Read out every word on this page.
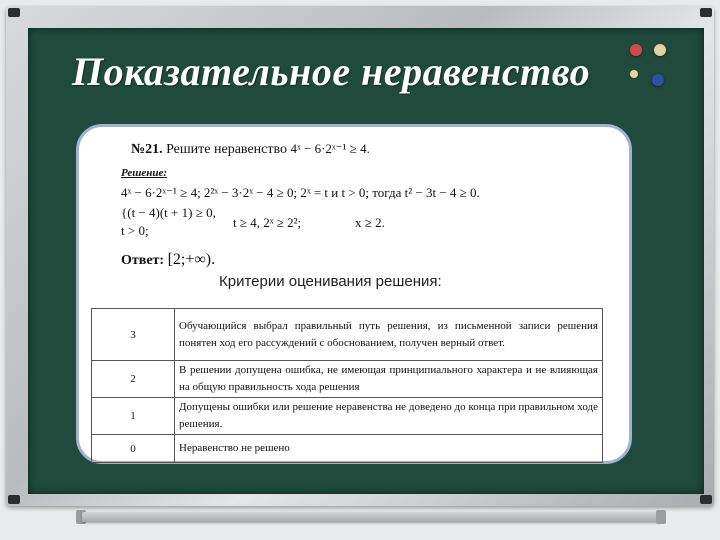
Показательное неравенство
№21. Решите неравенство 4ˣ − 6·2ˣ⁻¹ ≥ 4.
Решение:
4ˣ − 6·2ˣ⁻¹ ≥ 4; 2²ˣ − 3·2ˣ − 4 ≥ 0; 2ˣ = t и t > 0; тогда t² − 3t − 4 ≥ 0.
{(t − 4)(t + 1) ≥ 0,
t > 0;
t ≥ 4, 2ˣ ≥ 2²;	x ≥ 2.
Ответ: [2;+∞).
Критерии оценивания решения:
3	Обучающийся выбрал правильный путь решения, из письменной записи решения понятен ход его рассуждений с обоснованием, получен верный ответ.
2	В решении допущена ошибка, не имеющая принципиального характера и не влияющая на общую правильность хода решения
1	Допущены ошибки или решение неравенства не доведено до конца при правильном ходе решения.
0	Неравенство не решено
